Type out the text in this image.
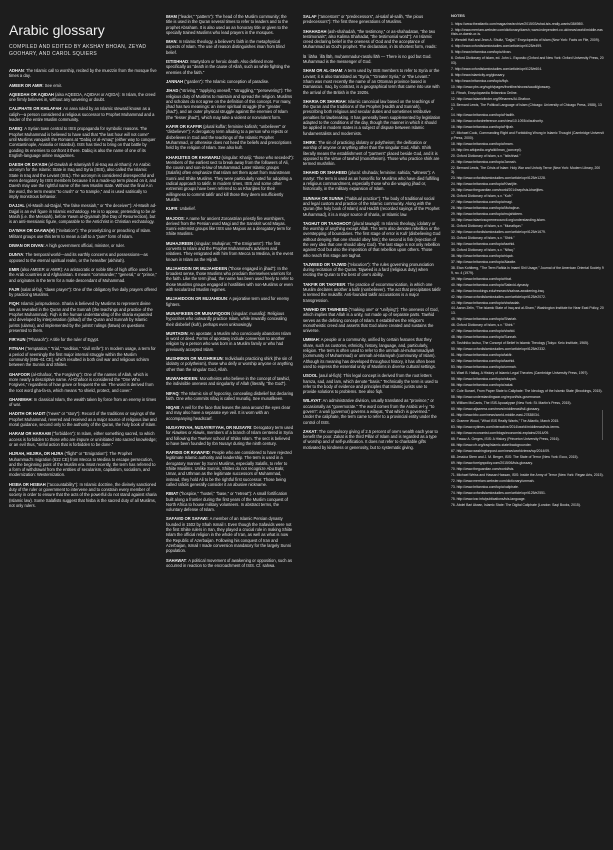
Arabic glossary
COMPILED AND EDITED BY AKSHAY BHOAN, ZEYAD GOOHARY, AND CAROL SQUIERS

ADHAN: The Islamic call to worship, recited by the muezzin from the mosque five times a day.

AMEER OR AMIR: See emir.

AQEEDAH OR AQIDAH (also AQEEDA, AQIDAH or AQIDA): In Islam, the creed one firmly believes in, without any wavering or doubt.

CALIPHATE OR KHILAFAH: An area ruled by an Islamic steward known as a caliph—a person considered a religious successor to Prophet Muhammad and a leader of the entire Muslim community.

DABIQ: A Syrian town central to ISIS propaganda for symbolic reasons. The Prophet Muhammad is believed to have said that "the last hour will not come" until Muslims vanquish the Romans at "Dabiq or al-Amaq" (either way to conquer Constantinople, Anatolia or Istanbul). ISIS has tried to bring on that battle by goading its enemies to confront it there. Dabiq is also the name of one of its English-language online magazines.

DAESH OR DA'ASH (al-Dawlah al-Islamiyah fi al-Iraq wa al-Sham): An Arabic acronym for the Islamic State in Iraq and Syria (ISIS), also called the Islamic State in Iraq and the Levant (ISIL). The acronym is considered disrespectful and even derogatory by ISIS members because it is a made-up term placed on it, and Daesh may use the rightful name of the new Muslim state. Without the final A in the word, the term means "to crush" or "to trample," and is used satirically to imply monstrous behavior.

DAJJAL (Al-Masih ad-Dajjal, "the false messiah," or "the deceiver"): Al-Masih ad-Dajjal is an evil figure in Islamic eschatology. He is to appear, pretending to be al-Masih (i.e. the Messiah), before Yawm al-Qiyamah (the Day of Resurrection), but is an anti-messianic figure, comparable to the Antichrist in Christian eschatology.

DA'WAH OR DAAWA(H) ("invitation"): The proselytizing or preaching of Islam. Militant groups use this term to mean a call to a "pure" form of Islam.

DIWAN OR DIVAN: A high government official, minister, or ruler.

DUNYA: The temporal world—and its earthly concerns and possessions—as opposed to the eternal spiritual realm, or the hereafter (akhirah).

EMIR (also AMEER or AMIR): An aristocratic or noble title of high office used in the Arab countries and Afghanistan. It means "commander," "general," or "prince," and originates in the term for a male descendant of Muhammad.

FAJR (salat al-fajr, "dawn prayer"): One of the obligatory five daily prayers offered by practicing Muslims.

FIQH: Islamic jurisprudence. Sharia is believed by Muslims to represent divine law as revealed in the Quran and the Sunnah (the teachings and practice of the Prophet Muhammad). Fiqh is the human understanding of the sharia expanded and developed by interpretation (ijtihad) of the Quran and Sunnah by Islamic jurists (ulama), and implemented by the jurists' rulings (fatwa) on questions presented to them.

FIR'AUN ("Pharaoh"): A title for the ruler of Egypt.

FITNAH ("temptation," "trial," "sedition," "civil strife"): In modern usage, a term for a period of seemingly the first major internal struggle within the Muslim community (656–61 CE), which resulted in both civil war and religious schism between the Sunnis and Shiites.

GHAFOOR (al-Ghafoor, "the Forgiving"): One of the names of Allah, which is more nearly a descriptive name. Al-Ghafoor is considered the "One Who Forgives," regardless of how grave or frequent the sin. The word is derived from the root word gha-fa-ra, which means "to shield, protect, and cover."

GHANIMAH: In classical Islam, the wealth taken by force from an enemy in times of war.

HADITH OR HADIT ("news" or "story"): Record of the traditions or sayings of the Prophet Muhammad, revered and received as a major source of religious law and moral guidance, second only to the authority of the Quran, the holy book of Islam.

HARAM OR HARAAM ("forbidden"): In Islam, either something sacred, to which access is forbidden to those who are impure or uninitiated into sacred knowledge; or an evil thus, "sinful action that is forbidden to be done."

HIJRAH, HEJIRA, OR HIJRA ("flight" or "Emigration"): The Prophet Muhammad's migration (622 CE) from Mecca to Medina to escape persecution, and the beginning point of the Muslim era. Most recently, the term has referred to a form of withdrawal from the entities of secularism, capitalism, socialism, and modernization: Westernization.

HISBA OR HISBAH ("accountability"): In Islamic doctrine, the divinely sanctioned duty of the ruler or government to intervene and to constrain every member of society in order to ensure that the acts of the powerful do not stand against sharia (Islamic law). Some Salafists suggest that hisba is the sacred duty of all Muslims, not only rulers.

IMAM ("leader," "pattern"): The head of the Muslim community; the title is used in the Quran several times to refer to leaders and to the prophet Abraham. It is also used as an honorary title or given to the specially trained Muslims who lead prayers in the mosques.

IMAN: In Islamic theology, a believer's faith in the metaphysical aspects of Islam. The use of reason distinguishes iman from blind belief.

ISTISHHAD: Martyrdom or heroic death. Also defined more specifically as "death in the cause of Allah, such as while fighting the enemies of the faith."

JANNAH ("garden"): The Islamic conception of paradise.

JIHAD ("striving," "applying oneself," "struggling," "persevering"): The religious duty of Muslims to maintain and spread the religion. Muslims and scholars do not agree on the definition of this concept. For many, jihad has two meanings: an inner spiritual struggle (the "greater jihad"), and an outer physical struggle against the enemies of Islam (the "lesser jihad"), which may take a violent or nonviolent form.

KAFIR OR KAFFIR (plural kuffar; feminine kafirah; "unbeliever" or "disbeliever"): A derogatory term alluding to a person who rejects or disbelieves in God and the teachings of the Islamic Prophet Muhammad, or otherwise does not heed the beliefs and prescriptions held by the religion of Islam. See also kufr.

KHARIJITES OR KHAWARIJ (singular: Khariji; "those who seceded"): Members of the earliest sect to break away from the followers of Ali, the cousin and son-in-law of Muhammad. Later Islamic groups (Salafis) often emphasize that Islam set them apart from mainstream Sunni and Shiite Muslims. They were particularly noted for adopting a radical approach to takfir. In modern times, ISIS and some other extremist groups have been referred to as Kharijites for their willingness to commit takfir and kill those they deem insufficiently Muslim.

KUFR: Unbelief.

MAJOOS: A name for ancient Zoroastrian priestly fire worshipers, derived from the Persian word Magi and the Sanskrit word Mayas. Sunni extremist groups like ISIS use Majoos as a derogatory term for Shiite Muslims.

MUHAJIREEN (singular: Muhajirun; "The Emigrants"): The first converts to Islam and the Prophet Muhammad's advisers and relatives. They emigrated with him from Mecca to Medina, in the event known in Islam as the Hijrah.

MUJAHIDDIN OR MUJAHIDEEN ("those engaged in jihad"): In the broadest sense, those Muslims who proclaim themselves warriors for the faith. Like the term jihad, the name has been used freely to refer to those Muslims groups engaged in hostilities with non-Muslims or even with secularized Muslim regimes.

MUJAHIDOON OR MUJAHIDUN: A pejorative term used for enemy fighters.

MUNAFIKEEN OR MUNAFIQOON (singular: munafiq): Religious hypocrites who outwardly practice Islam, while inwardly concealing their disbelief (kufr), perhaps even unknowingly.

MURTADIN: An apostate; a Muslim who consciously abandons Islam in word or deed. Forms of apostasy include conversion to another religion by a person who was born in a Muslim family or who had previously accepted Islam.

MUSHRIKIN OR MUSHRIKUN: Individuals practicing shirk (the sin of idolatry or polytheism), those who deify or worship anyone or anything other than the singular God, Allah.

MUWAHHIDEEN: Monotheists who believe in the concept of tawhid, the indivisible oneness and singularity of Allah (literally, "the God").

NIFAQ: The Islamic sin of hypocrisy, concealing disbelief but declaring faith. One who commits nifaq is called munafiq. See munafikeen.

NIQAB: A veil for the face that leaves the area around the eyes clear and may also have a separate eye veil. It is worn with an accompanying headscarf.

NUSAYRIYAH, NUSAYRIYYAH, OR NUSAYRI: Derogatory term used for Alawites or Alawis, members of a branch of Islam centered in Syria and following the Twelver school of Shiite Islam. The sect is believed to have been founded by Ibn Nusayr during the ninth century.

RAFIDIS OR RAWAFID: People who are considered to have rejected legitimate Islamic authority and leadership. The term is used in a derogatory manner by Sunni Muslims, especially Salafis, to refer to Shiite Muslims. Unlike Sunnis, Shiites do not recognize Abu Bakr, Umar, and Uthman as the legitimate successors of Muhammad, instead, they hold Ali to be the rightful first successor. Those being called rafidis generally consider it an abusive nickname.

RIBAT ("hospice," "hostel," "base," or "retreat"): A small fortification built along a frontier during the first years of the Muslim conquest of North Africa to house military volunteers. In abstract terms, the voluntary defense of Islam.

SAFAVID OR SAFAWI: A member of an Islamic Persian dynasty founded in 1502 by Shah Ismail I. Even though the Safavids were not the first Shiite rulers in Iran, they played a crucial role in making Shiite Islam the official religion in the whole of Iran, as well as what is now the Republic of Azerbaijan. Following his conquest of Iran and Azerbaijan, Ismail I made conversion mandatory for the largely Sunni population.

SAHAWAT: A political movement of awakening or opposition, such as occurred in reaction to the encroachment of ISIS. Cf. sahwa.

SALAF ("ancestors" or "predecessors", al-salaf al-salih, "the pious predecessors"): The first three generations of Muslims.

SHAHADAH (ash-shahadah, "the testimony," or as-shahadatan, "the two testimonials"; also Kalima Shahadat, "the testimonial word"): An Islamic creed declaring belief in the oneness of God and the acceptance of Muhammad as God's prophet. The declaration, in its shortest form, reads:

lā ʾilāha ʾillā llāh, muḥammadur-rasūlu llāh — There is no god but God. Muhammad is the messenger of God.

SHAM OR AL-SHAM: A term used by ISIS members to refer to Syria or the Levant; it is also translated as "Syria," "Greater Syria," or "the Levant." Sham was most recently the name of an Ottoman province based in Damascus. Iraq, by contrast, is a geographical term that came into use with the arrival of the British in the 1920s.

SHARIA OR SHARIAH: Islamic canonical law based on the teachings of the Quran and the traditions of the Prophet (Hadith and Sunnah), prescribing both religious and secular duties and sometimes retributive penalties for lawbreaking. It has generally been supplemented by legislation adapted to the conditions of the day, though the manner in which it should be applied in modern states is a subject of dispute between Islamic fundamentalists and modernists.

SHIRK: The sin of practicing idolatry or polytheism; the deification or worship of anyone or anything other than the singular God, Allah. Shirk literally means the establishment of "partners" placed beside God, and it is opposed to the virtue of tawhid (monotheism). Those who practice shirk are termed mushrikin.

SHAHID OR SHAHEED (plural: shuhada; feminine: sahida; "witness"): A martyr. The term is used as an honorific for Muslims who have died fulfilling a religious commandment, especially those who die waging jihad or, historically, in the military expansion of Islam.

SUNNAH OR SUNNA ("habitual practice"): The body of traditional social and legal custom and practice of the Islamic community. Along with the Quran (the holy book of Islam) and Hadith (recorded sayings of the Prophet Muhammad), it is a major source of sharia, or Islamic law.

TAGHUT OR TAAGHOOT (plural tawagit): In Islamic theology, idolatry or the worship of anything except Allah. The term also denotes rebellion or the overstepping of boundaries. The first stage of error is Kufr (disbelieving God without denying that one should obey him); the second is fisk (rejection of the very idea that one should obey God). The last stage is not only rebellion against God but also the imposition of that rebellion upon others. Those who reach this stage are taghut.

TAJWEED OR TAJWID ("elocution"): The rules governing pronunciation during recitation of the Quran. Tajweed is a fard (religious duty) when reciting the Quran to the best of one's ability.

TAKFIR OR TAKFEER: The practice of excommunication, in which one Muslim declares another a kafir (nonbeliever). The act that precipitates takfir is termed the mukaffir. Anti-founded takfir accusations is a major transgression.

TAWHID OR TAWHEED ("making one" or "unifying"): The oneness of God, which implies that Allah is a unity, not made up of separate parts. Tawhid serves as the defining concept of Islam. It establishes the religion's monotheistic creed and asserts that God alone created and sustains the universe.

UMMAH: A people or a community, unified by certain features that they share, such as customs, ethnicity, history, language, and, particularly, religion. The term is often used to refer to the ummah al-muhammadiyah (community of Muhammad) or ummah al-Islamiyah (community of Islam). Although its meaning has developed throughout history, it has often been used to express the essential unity of Muslims in diverse cultural settings.

USOOL (asul al-fiqh): This legal concept is derived from the root letters hamza, sad, and lam, which denote "basis." Technically the term is used to refer to the body of evidence and principles that Islamic jurists use to provide solutions to problems. See also fiqh.

WILAYAT: An administrative division, usually translated as "province," or occasionally as "governorate." The word comes from the Arabic w-l-y, "to govern": a wali (governor) governs a wilayat, "that which is governed." Under the caliphate, the term came to refer to a provincial entity under the control of ISIS.

ZAKAT: The compulsory giving of 2.5 percent of one's wealth each year to benefit the poor. Zakat is the third Pillar of Islam and is regarded as a type of worship and of self-purification. It does not refer to charitable gifts motivated by kindness or generosity, but to systematic giving.

NOTES

1. https://www.theatlantic.com/magazine/archive/2015/03/what-isis-really-wants/384980/.

2. http://www.merriam-webster.com/dictionary/daesh; www.independent.co.uk/news/world/middle-east/isis-or-daesh-or-is.

3. Wendell Hall and Jean A. Shultz, "Dajjal," Encyclopedia of Islam (New York: Facts on File, 2009).

4. http://www.oxfordislamicstudies.com/article/opr/t125/e499.

5. http://www.britannica.com/topic/divan.

6. Oxford Dictionary of Islam, ed. John L. Esposito (Oxford and New York: Oxford University Press, 2003).

7. http://www.oxfordislamicstudies.com/article/opr/t125/e604.

8. http://www.islamicity.org/glossary.

9. http://www.britannica.com/topic/fiqh.

10. http://www.pbs.org/wgbh/pages/frontline/shows/saudi/glossary.

11. Fitnah, Encyclopaedia Britannica Online.

12. http://www.islamicfinder.org/99names/Al-Ghafoor.

13. Bernard Lewis, The Political Language of Islam (Chicago: University of Chicago Press, 1988), 132.

14. http://www.britannica.com/topic/Hadith.

15. http://www.oxfordreference.com/view/10.1093/oi/authority.

16. http://www.britannica.com/topic/Hijrah.

17. Michael Cook, Commanding Right and Forbidding Wrong in Islamic Thought (Cambridge University Press, 2000).

18. http://www.britannica.com/topic/imam.

19. http://en.wikipedia.org/wiki/Iman_(concept).

20. Oxford Dictionary of Islam, s.v. "Istishhad."

21. http://www.britannica.com/topic/Jannah.

22. Bernard Lewis, The Crisis of Islam: Holy War and Unholy Terror (New York: Modern Library, 2003).

23. http://www.oxfordislamicstudies.com/article/opr/t125/e1228.

24. http://www.britannica.com/topic/Kharijite.

25. http://www.theguardian.com/world/2014/sep/isis-kharijites.

26. Oxford Dictionary of Islam, s.v. "Kufr."

27. http://www.britannica.com/topic/magi.

28. http://www.britannica.com/topic/Muhajirun.

29. http://www.britannica.com/topic/mujahideen.

30. http://www.islamicsupremecouncil.org/understanding-islam.

31. Oxford Dictionary of Islam, s.v. "Munafiqun."

32. http://www.oxfordislamicstudies.com/article/opr/t125/e1679.

33. Oxford Dictionary of Islam, s.v. "Shirk."

34. http://www.britannica.com/topic/tawhid.

35. Oxford Dictionary of Islam, s.v. "Nifaq."

36. http://www.britannica.com/topic/niqab.

37. http://www.britannica.com/topic/Alawite.

38. Etan Kohlberg, "The Term Rafida in Imami Shii Usage," Journal of the American Oriental Society 99, no. 4 (1979).

39. http://www.britannica.com/topic/ribat.

40. http://www.britannica.com/topic/Safavid-dynasty.

41. http://www.brookings.edu/research/sahwa-awakening-iraq.

42. http://www.oxfordislamicstudies.com/article/opr/t125/e2072.

43. http://www.britannica.com/topic/shahadah.

44. Aaron Zelin, "The Islamic State of Iraq and al-Sham," Washington Institute for Near East Policy, 2013.

45. http://www.britannica.com/topic/Shariah.

46. Oxford Dictionary of Islam, s.v. "Shirk."

47. http://www.britannica.com/topic/shahid.

48. http://www.britannica.com/topic/Sunnah.

49. Toshihiko Izutsu, The Concept of Belief in Islamic Theology (Tokyo: Keio Institute, 1965).

50. http://www.oxfordislamicstudies.com/article/opr/t125/e2332.

51. http://www.britannica.com/topic/takfir.

52. http://www.britannica.com/topic/tawhid.

53. http://www.britannica.com/topic/ummah.

54. Wael B. Hallaq, A History of Islamic Legal Theories (Cambridge University Press, 1997).

55. http://www.britannica.com/topic/wilayah.

56. http://www.britannica.com/topic/zakat.

57. Cole Bunzel, From Paper State to Caliphate: The Ideology of the Islamic State (Brookings, 2015).

58. http://www.understandingwar.org/report/isis-governance.

59. William McCants, The ISIS Apocalypse (New York: St. Martin's Press, 2015).

60. http://www.aljazeera.com/news/middleeast/isil-glossary.

61. http://www.bbc.com/news/world-middle-east-27838034.

62. Graeme Wood, "What ISIS Really Wants," The Atlantic, March 2015.

63. http://www.nytimes.com/interactive/2014/world/middleeast/isis-terms.

64. http://www.economist.com/blogs/economist-explains/2014/09.

65. Fawaz A. Gerges, ISIS: A History (Princeton University Press, 2016).

66. http://www.cfr.org/iraq/islamic-state/backgrounder.

67. http://www.washingtonpost.com/news/worldviews/wp/2014/09.

68. Jessica Stern and J. M. Berger, ISIS: The State of Terror (New York: Ecco, 2015).

69. http://www.foreignpolicy.com/2015/06/isis-glossary.

70. http://www.theguardian.com/world/isis.

71. Michael Weiss and Hassan Hassan, ISIS: Inside the Army of Terror (New York: Regan Arts, 2015).

72. http://www.merriam-webster.com/dictionary/ummah.

73. http://www.britannica.com/topic/caliphate.

74. http://www.oxfordislamicstudies.com/article/opr/t125/e2551.

75. http://www.icsr.info/publications/isis-language.

76. Abdel Bari Atwan, Islamic State: The Digital Caliphate (London: Saqi Books, 2015).
